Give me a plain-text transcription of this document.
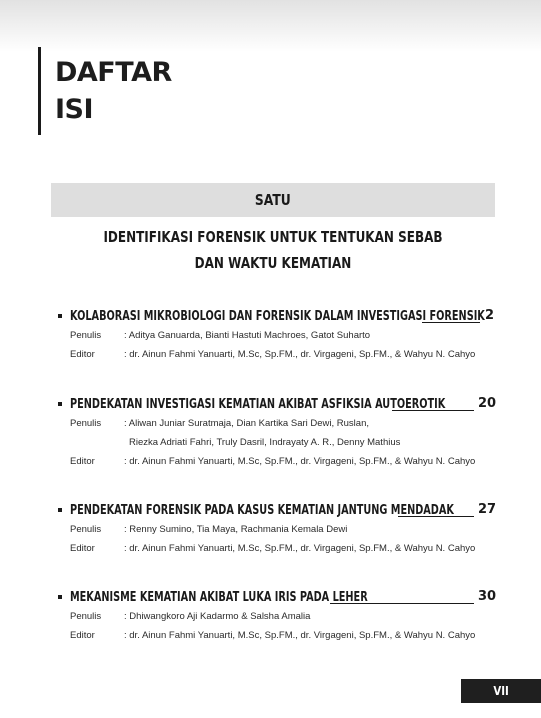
DAFTAR
ISI
SATU
IDENTIFIKASI FORENSIK UNTUK TENTUKAN SEBAB
DAN WAKTU KEMATIAN
KOLABORASI MIKROBIOLOGI DAN FORENSIK DALAM INVESTIGASI FORENSIK 2
Penulis : Aditya Ganuarda, Bianti Hastuti Machroes, Gatot Suharto
Editor	: dr. Ainun Fahmi Yanuarti, M.Sc, Sp.FM., dr. Virgageni, Sp.FM., & Wahyu N. Cahyo
PENDEKATAN INVESTIGASI KEMATIAN AKIBAT ASFIKSIA AUTOEROTIK	20
Penulis : Aliwan Juniar Suratmaja, Dian Kartika Sari Dewi, Ruslan,
Riezka Adriati Fahri, Truly Dasril, Indrayaty A. R., Denny Mathius
Editor	: dr. Ainun Fahmi Yanuarti, M.Sc, Sp.FM., dr. Virgageni, Sp.FM., & Wahyu N. Cahyo
PENDEKATAN FORENSIK PADA KASUS KEMATIAN JANTUNG MENDADAK 27
Penulis : Renny Sumino, Tia Maya, Rachmania Kemala Dewi
Editor	: dr. Ainun Fahmi Yanuarti, M.Sc, Sp.FM., dr. Virgageni, Sp.FM., & Wahyu N. Cahyo
MEKANISME KEMATIAN AKIBAT LUKA IRIS PADA LEHER	30
Penulis : Dhiwangkoro Aji Kadarmo & Salsha Amalia
Editor	: dr. Ainun Fahmi Yanuarti, M.Sc, Sp.FM., dr. Virgageni, Sp.FM., & Wahyu N. Cahyo
VII
